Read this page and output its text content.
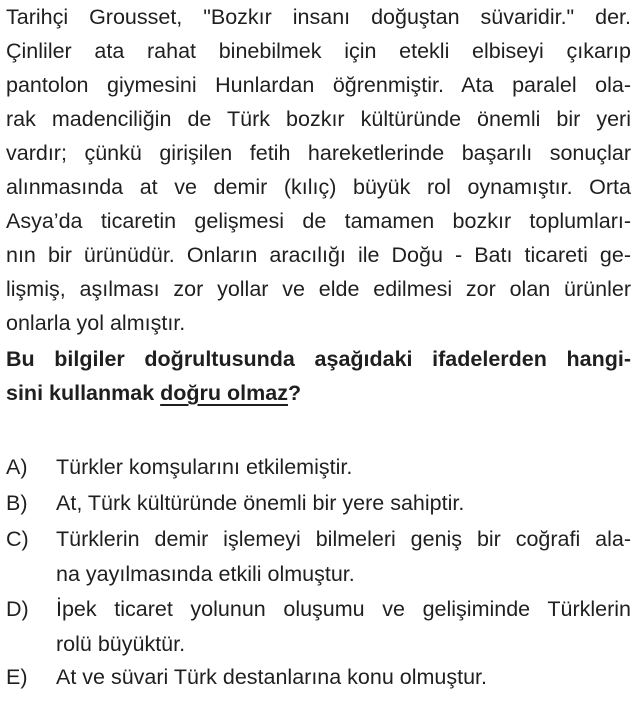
Tarihçi Grousset, "Bozkır insanı doğuştan süvaridir." der.
Çinliler ata rahat binebilmek için etekli elbiseyi çıkarıp
pantolon giymesini Hunlardan öğrenmiştir. Ata paralel ola-
rak madenciliğin de Türk bozkır kültüründe önemli bir yeri
vardır; çünkü girişilen fetih hareketlerinde başarılı sonuçlar
alınmasında at ve demir (kılıç) büyük rol oynamıştır. Orta
Asya’da ticaretin gelişmesi de tamamen bozkır toplumları-
nın bir ürünüdür. Onların aracılığı ile Doğu - Batı ticareti ge-
lişmiş, aşılması zor yollar ve elde edilmesi zor olan ürünler
onlarla yol almıştır.
Bu bilgiler doğrultusunda aşağıdaki ifadelerden hangi-
sini kullanmak doğru olmaz?
A)	Türkler komşularını etkilemiştir.
B)	At, Türk kültüründe önemli bir yere sahiptir.
C)	Türklerin demir işlemeyi bilmeleri geniş bir coğrafi ala-
na yayılmasında etkili olmuştur.
D)	İpek ticaret yolunun oluşumu ve gelişiminde Türklerin
rolü büyüktür.
E)	At ve süvari Türk destanlarına konu olmuştur.
